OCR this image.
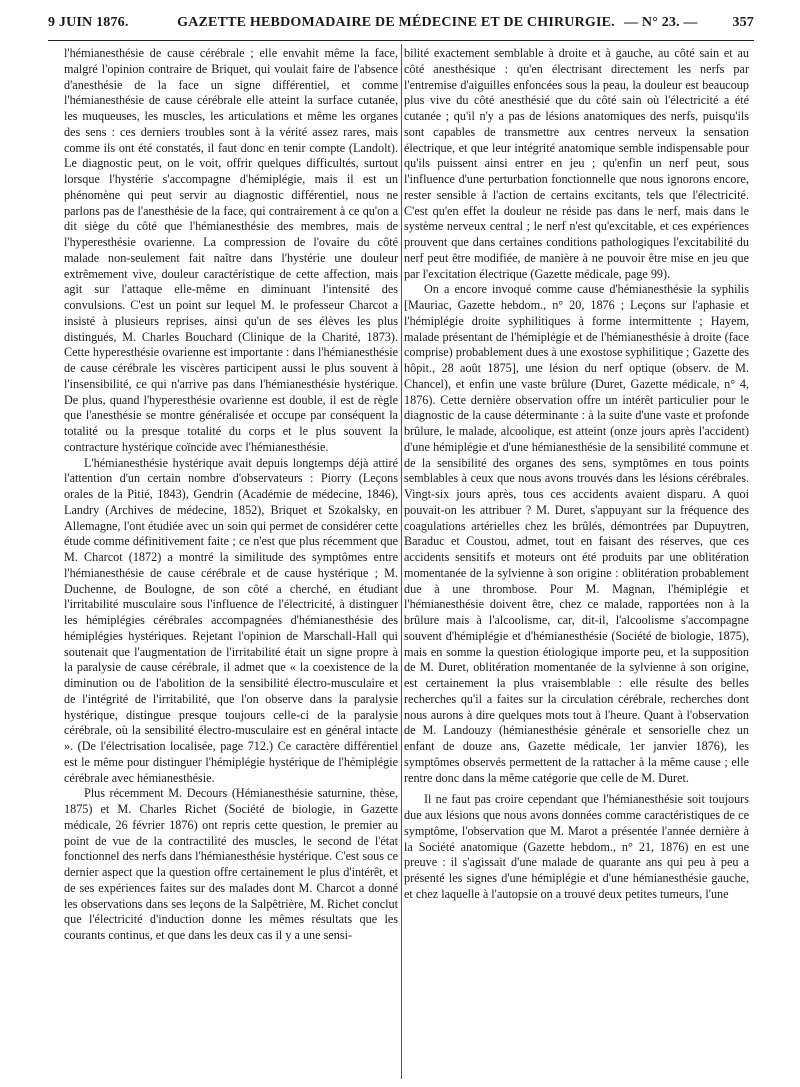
9 JUIN 1876.	GAZETTE HEBDOMADAIRE DE MÉDECINE ET DE CHIRURGIE. — N° 23. — 357

l'hémianesthésie de cause cérébrale ; elle envahit même la face, malgré l'opinion contraire de Briquet, qui voulait faire de l'absence d'anesthésie de la face un signe différentiel, et comme l'hémianesthésie de cause cérébrale elle atteint la surface cutanée, les muqueuses, les muscles, les articulations et même les organes des sens : ces derniers troubles sont à la vérité assez rares, mais comme ils ont été constatés, il faut donc en tenir compte (Landolt). Le diagnostic peut, on le voit, offrir quelques difficultés, surtout lorsque l'hystérie s'accompagne d'hémiplégie, mais il est un phénomène qui peut servir au diagnostic différentiel, nous ne parlons pas de l'anesthésie de la face, qui contrairement à ce qu'on a dit siège du côté que l'hémianesthésie des membres, mais de l'hyperesthésie ovarienne. La compression de l'ovaire du côté malade non-seulement fait naître dans l'hystérie une douleur extrêmement vive, douleur caractéristique de cette affection, mais agit sur l'attaque elle-même en diminuant l'intensité des convulsions. C'est un point sur lequel M. le professeur Charcot a insisté à plusieurs reprises, ainsi qu'un de ses élèves les plus distingués, M. Charles Bouchard (Clinique de la Charité, 1873). Cette hyperesthésie ovarienne est importante : dans l'hémianesthésie de cause cérébrale les viscères participent aussi le plus souvent à l'insensibilité, ce qui n'arrive pas dans l'hémianesthésie hystérique. De plus, quand l'hyperesthésie ovarienne est double, il est de règle que l'anesthésie se montre généralisée et occupe par conséquent la totalité ou la presque totalité du corps et le plus souvent la contracture hystérique coïncide avec l'hémianesthésie.

L'hémianesthésie hystérique avait depuis longtemps déjà attiré l'attention d'un certain nombre d'observateurs : Piorry (Leçons orales de la Pitié, 1843), Gendrin (Académie de médecine, 1846), Landry (Archives de médecine, 1852), Briquet et Szokalsky, en Allemagne, l'ont étudiée avec un soin qui permet de considérer cette étude comme définitivement faite ; ce n'est que plus récemment que M. Charcot (1872) a montré la similitude des symptômes entre l'hémianesthésie de cause cérébrale et de cause hystérique ; M. Duchenne, de Boulogne, de son côté a cherché, en étudiant l'irritabilité musculaire sous l'influence de l'électricité, à distinguer les hémiplégies cérébrales accompagnées d'hémianesthésie des hémiplégies hystériques. Rejetant l'opinion de Marschall-Hall qui soutenait que l'augmentation de l'irritabilité était un signe propre à la paralysie de cause cérébrale, il admet que « la coexistence de la diminution ou de l'abolition de la sensibilité électro-musculaire et de l'intégrité de l'irritabilité, que l'on observe dans la paralysie hystérique, distingue presque toujours celle-ci de la paralysie cérébrale, où la sensibilité électro-musculaire est en général intacte ». (De l'électrisation localisée, page 712.) Ce caractère différentiel est le même pour distinguer l'hémiplégie hystérique de l'hémiplégie cérébrale avec hémianesthésie.

Plus récemment M. Decours (Hémianesthésie saturnine, thèse, 1875) et M. Charles Richet (Société de biologie, in Gazette médicale, 26 février 1876) ont repris cette question, le premier au point de vue de la contractilité des muscles, le second de l'état fonctionnel des nerfs dans l'hémianesthésie hystérique. C'est sous ce dernier aspect que la question offre certainement le plus d'intérêt, et de ses expériences faites sur des malades dont M. Charcot a donné les observations dans ses leçons de la Salpêtrière, M. Richet conclut que l'électricité d'induction donne les mêmes résultats que les courants continus, et que dans les deux cas il y a une sensi-

bilité exactement semblable à droite et à gauche, au côté sain et au côté anesthésique : qu'en électrisant directement les nerfs par l'entremise d'aiguilles enfoncées sous la peau, la douleur est beaucoup plus vive du côté anesthésié que du côté sain où l'électricité a été cutanée ; qu'il n'y a pas de lésions anatomiques des nerfs, puisqu'ils sont capables de transmettre aux centres nerveux la sensation électrique, et que leur intégrité anatomique semble indispensable pour qu'ils puissent ainsi entrer en jeu ; qu'enfin un nerf peut, sous l'influence d'une perturbation fonctionnelle que nous ignorons encore, rester sensible à l'action de certains excitants, tels que l'électricité. C'est qu'en effet la douleur ne réside pas dans le nerf, mais dans le système nerveux central ; le nerf n'est qu'excitable, et ces expériences prouvent que dans certaines conditions pathologiques l'excitabilité du nerf peut être modifiée, de manière à ne pouvoir être mise en jeu que par l'excitation électrique (Gazette médicale, page 99).

On a encore invoqué comme cause d'hémianesthésie la syphilis [Mauriac, Gazette hebdom., n° 20, 1876 ; Leçons sur l'aphasie et l'hémiplégie droite syphilitiques à forme intermittente ; Hayem, malade présentant de l'hémiplégie et de l'hémianesthésie à droite (face comprise) probablement dues à une exostose syphilitique ; Gazette des hôpit., 28 août 1875], une lésion du nerf optique (observ. de M. Chancel), et enfin une vaste brûlure (Duret, Gazette médicale, n° 4, 1876). Cette dernière observation offre un intérêt particulier pour le diagnostic de la cause déterminante : à la suite d'une vaste et profonde brûlure, le malade, alcoolique, est atteint (onze jours après l'accident) d'une hémiplégie et d'une hémianesthésie de la sensibilité commune et de la sensibilité des organes des sens, symptômes en tous points semblables à ceux que nous avons trouvés dans les lésions cérébrales. Vingt-six jours après, tous ces accidents avaient disparu. A quoi pouvait-on les attribuer ? M. Duret, s'appuyant sur la fréquence des coagulations artérielles chez les brûlés, démontrées par Dupuytren, Baraduc et Coustou, admet, tout en faisant des réserves, que ces accidents sensitifs et moteurs ont été produits par une oblitération momentanée de la sylvienne à son origine : oblitération probablement due à une thrombose. Pour M. Magnan, l'hémiplégie et l'hémianesthésie doivent être, chez ce malade, rapportées non à la brûlure mais à l'alcoolisme, car, dit-il, l'alcoolisme s'accompagne souvent d'hémiplégie et d'hémianesthésie (Société de biologie, 1875), mais en somme la question étiologique importe peu, et la supposition de M. Duret, oblitération momentanée de la sylvienne à son origine, est certainement la plus vraisemblable : elle résulte des belles recherches qu'il a faites sur la circulation cérébrale, recherches dont nous aurons à dire quelques mots tout à l'heure. Quant à l'observation de M. Landouzy (hémianesthésie générale et sensorielle chez un enfant de douze ans, Gazette médicale, 1er janvier 1876), les symptômes observés permettent de la rattacher à la même cause ; elle rentre donc dans la même catégorie que celle de M. Duret.

Il ne faut pas croire cependant que l'hémianesthésie soit toujours due aux lésions que nous avons données comme caractéristiques de ce symptôme, l'observation que M. Marot a présentée l'année dernière à la Société anatomique (Gazette hebdom., n° 21, 1876) en est une preuve : il s'agissait d'une malade de quarante ans qui peu à peu a présenté les signes d'une hémiplégie et d'une hémianesthésie gauche, et chez laquelle à l'autopsie on a trouvé deux petites tumeurs, l'une
